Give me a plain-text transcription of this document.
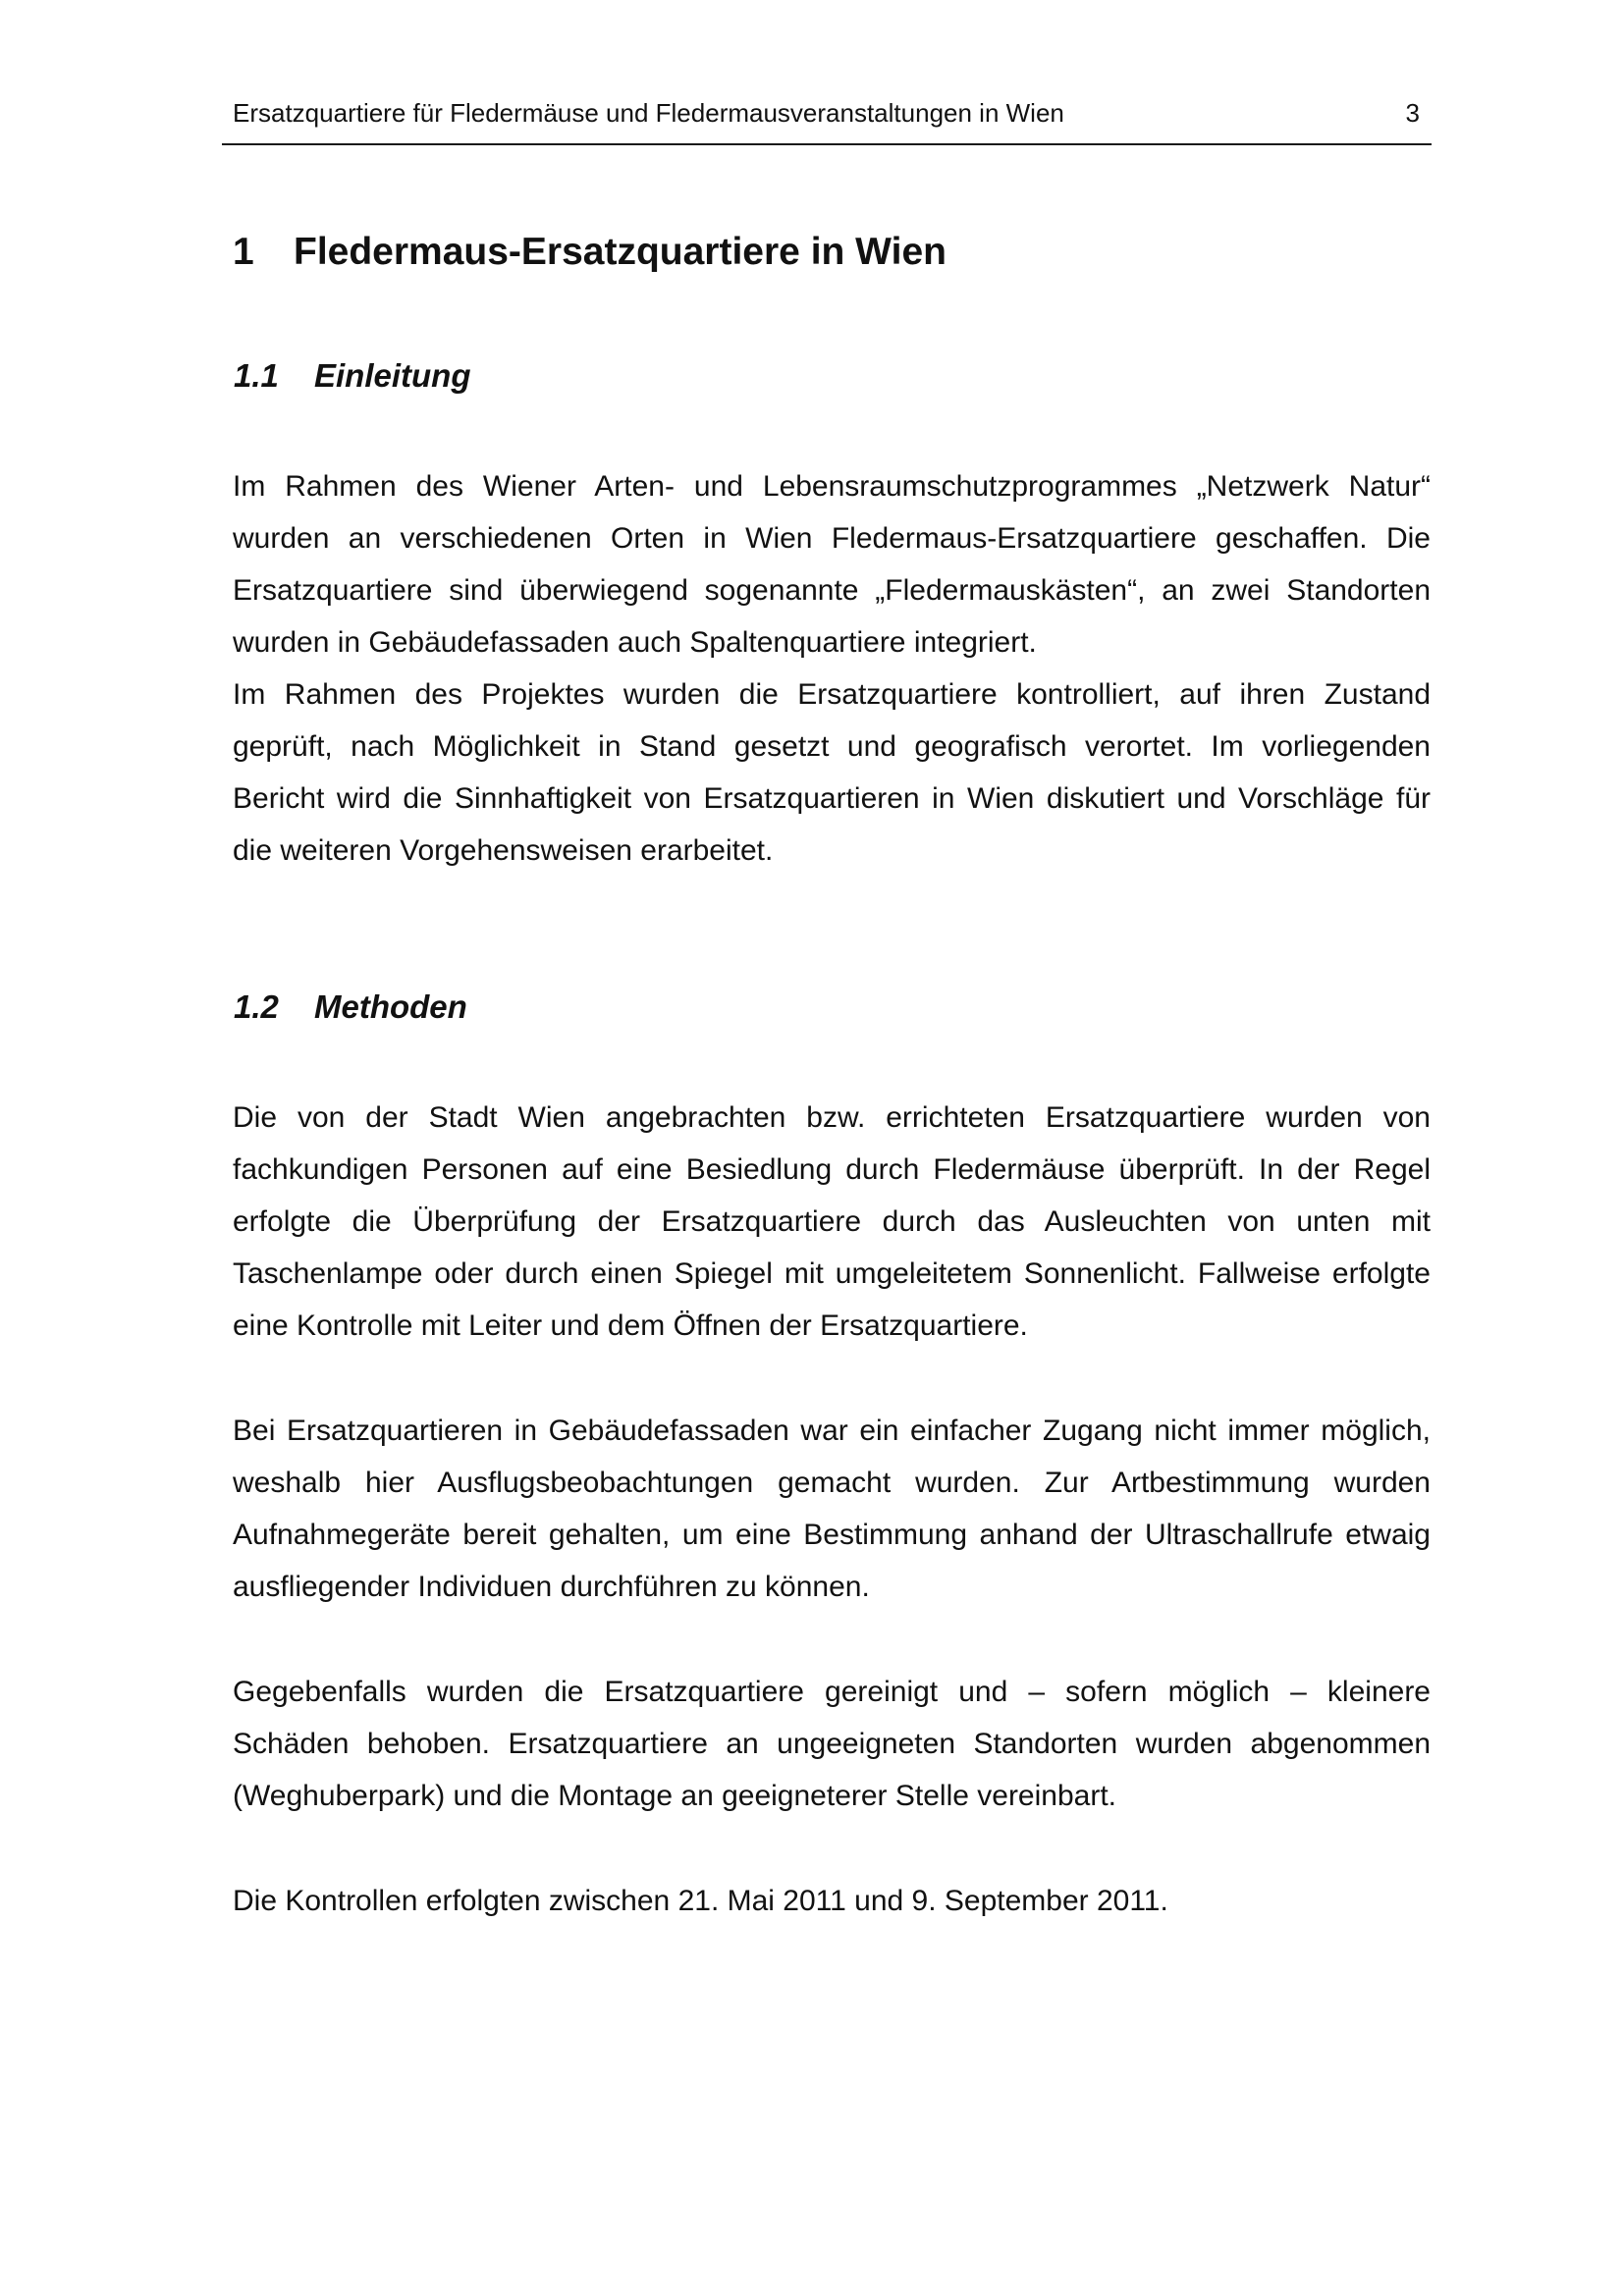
Ersatzquartiere für Fledermäuse und Fledermausveranstaltungen in Wien	3
1 Fledermaus-Ersatzquartiere in Wien
1.1 Einleitung
Im Rahmen des Wiener Arten- und Lebensraumschutzprogrammes „Netzwerk Natur“
wurden an verschiedenen Orten in Wien Fledermaus-Ersatzquartiere geschaffen. Die
Ersatzquartiere sind überwiegend sogenannte „Fledermauskästen“, an zwei Standorten
wurden in Gebäudefassaden auch Spaltenquartiere integriert.
Im Rahmen des Projektes wurden die Ersatzquartiere kontrolliert, auf ihren Zustand
geprüft, nach Möglichkeit in Stand gesetzt und geografisch verortet. Im vorliegenden
Bericht wird die Sinnhaftigkeit von Ersatzquartieren in Wien diskutiert und Vorschläge für
die weiteren Vorgehensweisen erarbeitet.
1.2 Methoden
Die von der Stadt Wien angebrachten bzw. errichteten Ersatzquartiere wurden von
fachkundigen Personen auf eine Besiedlung durch Fledermäuse überprüft. In der Regel
erfolgte die Überprüfung der Ersatzquartiere durch das Ausleuchten von unten mit
Taschenlampe oder durch einen Spiegel mit umgeleitetem Sonnenlicht. Fallweise erfolgte
eine Kontrolle mit Leiter und dem Öffnen der Ersatzquartiere.
Bei Ersatzquartieren in Gebäudefassaden war ein einfacher Zugang nicht immer möglich,
weshalb hier Ausflugsbeobachtungen gemacht wurden. Zur Artbestimmung wurden
Aufnahmegeräte bereit gehalten, um eine Bestimmung anhand der Ultraschallrufe etwaig
ausfliegender Individuen durchführen zu können.
Gegebenfalls wurden die Ersatzquartiere gereinigt und – sofern möglich – kleinere
Schäden behoben. Ersatzquartiere an ungeeigneten Standorten wurden abgenommen
(Weghuberpark) und die Montage an geeigneterer Stelle vereinbart.
Die Kontrollen erfolgten zwischen 21. Mai 2011 und 9. September 2011.
